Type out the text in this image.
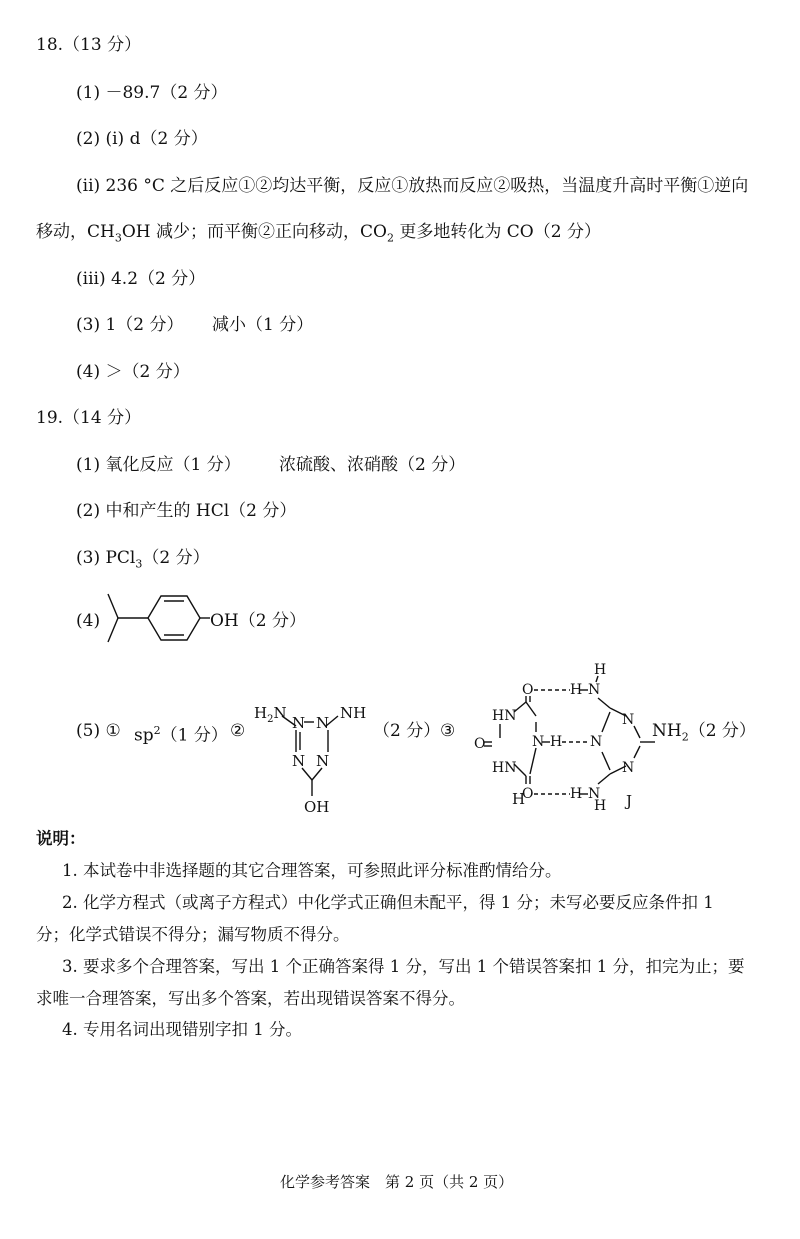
18.（13 分）
(1) －89.7（2 分）
(2) (i) d（2 分）
(ii) 236 °C 之后反应①②均达平衡，反应①放热而反应②吸热，当温度升高时平衡①逆向
移动，$CH_3OH$ 减少；而平衡②正向移动，$CO_2$ 更多地转化为 CO（2 分）
(iii) 4.2（2 分）
(3) 1（2 分） 减小（1 分）
(4) ＞（2 分）
19.（14 分）
(1) 氧化反应（1 分） 浓硫酸、浓硝酸（2 分）
(2) 中和产生的 HCl（2 分）
(3) PCl$_3$（2 分）
(4)	OH（2 分）
(5) ① $sp^2(1$ 分） ②
$H_2N$	NH
N N
N N
OH
（2 分） ③
O	H N
H
HN
O
HN
O	H N
H
N H N
N
N
$NH_2(2$ 分）
H	J
说明：
1. 本试卷中非选择题的其它合理答案，可参照此评分标准酌情给分。
2. 化学方程式（或离子方程式）中化学式正确但未配平，得 1 分；未写必要反应条件扣 1
分；化学式错误不得分；漏写物质不得分。
3. 要求多个合理答案，写出 1 个正确答案得 1 分，写出 1 个错误答案扣 1 分，扣完为止；要
求唯一合理答案，写出多个答案，若出现错误答案不得分。
4. 专用名词出现错别字扣 1 分。
化学参考答案　第 2 页（共 2 页）
